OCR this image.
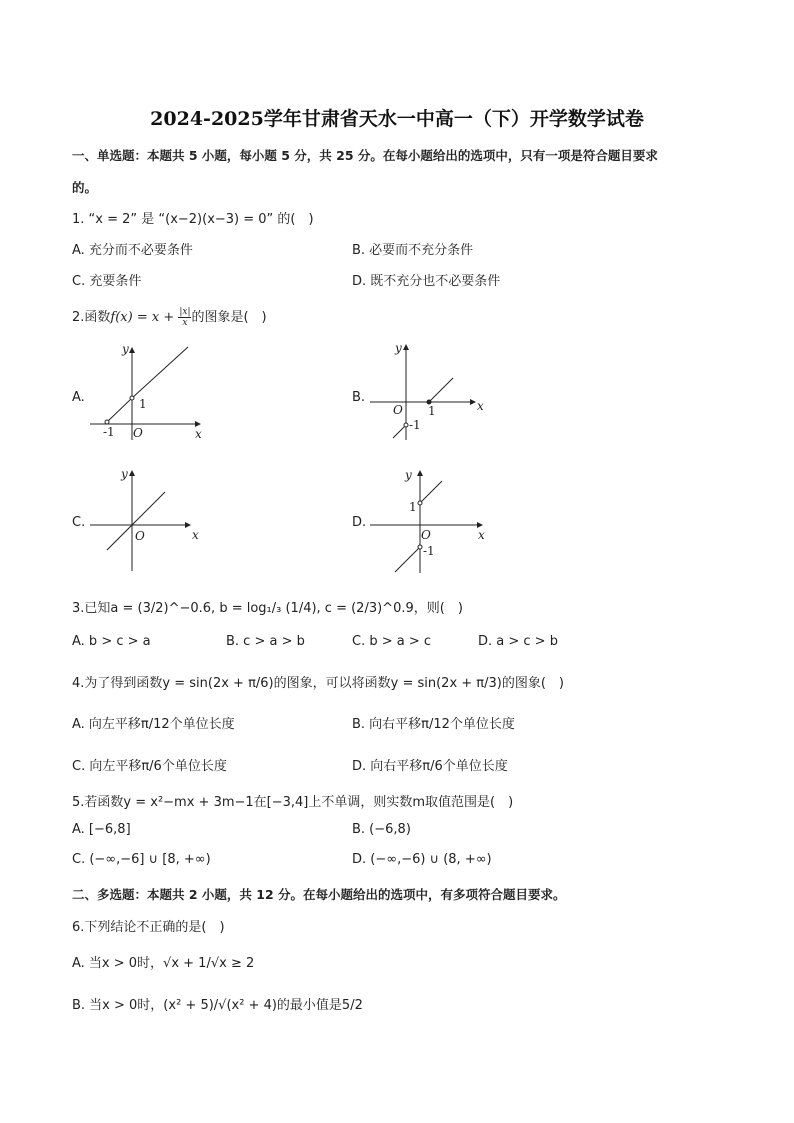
2024-2025学年甘肃省天水一中高一（下）开学数学试卷
一、单选题：本题共 5 小题，每小题 5 分，共 25 分。在每小题给出的选项中，只有一项是符合题目要求
的。
1. “x = 2” 是 “(x−2)(x−3) = 0” 的(　)
A. 充分而不必要条件	B. 必要而不充分条件
C. 充要条件	D. 既不充分也不必要条件
2.函数$f(x) = x + \frac{|x|}{x}$ 的图象是(　)
A.
y
x
O
1
-1
B.
y
x
O 1
-1
C.
y
x
O
D.
y
x
O
1
-1
3.已知a = (3/2)^−0.6, b = log₁/₃ (1/4), c = (2/3)^0.9，则(　)
A. b > c > a	B. c > a > b	C. b > a > c	D. a > c > b
4.为了得到函数y = sin(2x + π/6)的图象，可以将函数y = sin(2x + π/3)的图象(　)
A. 向左平移π/12个单位长度	B. 向右平移π/12个单位长度
C. 向左平移π/6个单位长度	D. 向右平移π/6个单位长度
5.若函数y = x²−mx + 3m−1在[−3,4]上不单调，则实数m取值范围是(　)
A. [−6,8]	B. (−6,8)
C. (−∞,−6] ∪ [8, +∞)	D. (−∞,−6) ∪ (8, +∞)
二、多选题：本题共 2 小题，共 12 分。在每小题给出的选项中，有多项符合题目要求。
6.下列结论不正确的是(　)
A. 当x > 0时，√x + 1/√x ≥ 2
B. 当x > 0时，(x² + 5)/√(x² + 4)的最小值是5/2
